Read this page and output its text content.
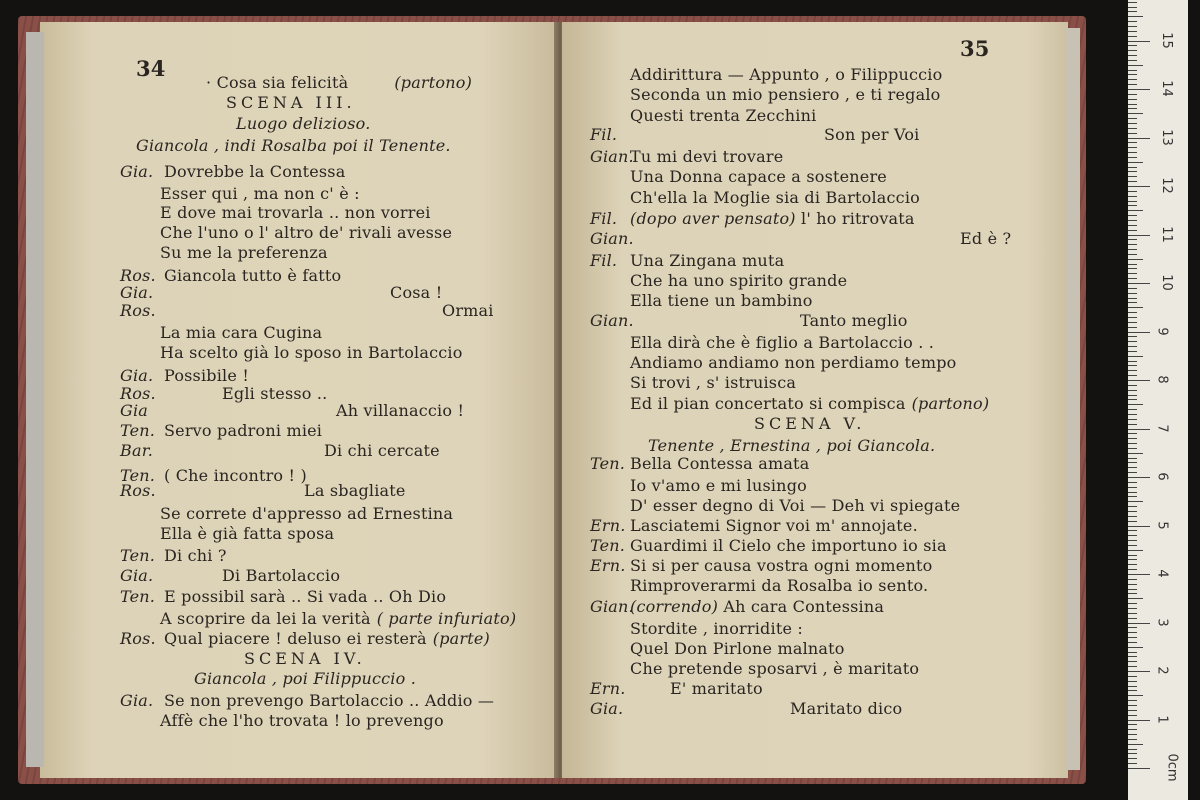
34
· Cosa sia felicità	(partono)
SCENA III.
Luogo delizioso.
Giancola , indi Rosalba poi il Tenente.
Gia. Dovrebbe la Contessa
Esser qui , ma non c' è :
E dove mai trovarla .. non vorrei
Che l'uno o l' altro de' rivali avesse
Su me la preferenza
Ros. Giancola tutto è fatto
Gia.	Cosa !
Ros.	Ormai
La mia cara Cugina
Ha scelto già lo sposo in Bartolaccio
Gia. Possibile !
Ros.	Egli stesso ..
Gia	Ah villanaccio !
Ten. Servo padroni miei
Bar.	Di chi cercate
Ten. ( Che incontro ! )
Ros.	La sbagliate
Se correte d'appresso ad Ernestina
Ella è già fatta sposa
Ten. Di chi ?
Gia.	Di Bartolaccio
Ten. E possibil sarà .. Si vada .. Oh Dio
A scoprire da lei la verità ( parte infuriato)
Ros. Qual piacere ! deluso ei resterà (parte)
SCENA IV.
Giancola , poi Filippuccio .
Gia. Se non prevengo Bartolaccio .. Addio —
Affè che l'ho trovata ! lo prevengo
35
Addirittura — Appunto , o Filippuccio
Seconda un mio pensiero , e ti regalo
Questi trenta Zecchini
Fil.	Son per Voi
Gian.Tu mi devi trovare
Una Donna capace a sostenere
Ch'ella la Moglie sia di Bartolaccio
Fil. (dopo aver pensato) l' ho ritrovata
Gian.	Ed è ?
Fil. Una Zingana muta
Che ha uno spirito grande
Ella tiene un bambino
Gian.	Tanto meglio
Ella dirà che è figlio a Bartolaccio . .
Andiamo andiamo non perdiamo tempo
Si trovi , s' istruisca
Ed il pian concertato si compisca (partono)
SCENA V.
Tenente , Ernestina , poi Giancola.
Ten. Bella Contessa amata
Io v'amo e mi lusingo
D' esser degno di Voi — Deh vi spiegate
Ern. Lasciatemi Signor voi m' annojate.
Ten. Guardimi il Cielo che importuno io sia
Ern. Si si per causa vostra ogni momento
Rimproverarmi da Rosalba io sento.
Gian.(correndo) Ah cara Contessina
Stordite , inorridite :
Quel Don Pirlone malnato
Che pretende sposarvi , è maritato
Ern.	E' maritato
Gia.	Maritato dico
0cm
1
2
3
4
5
6
7
8
9
10
11
12
13
14
15
